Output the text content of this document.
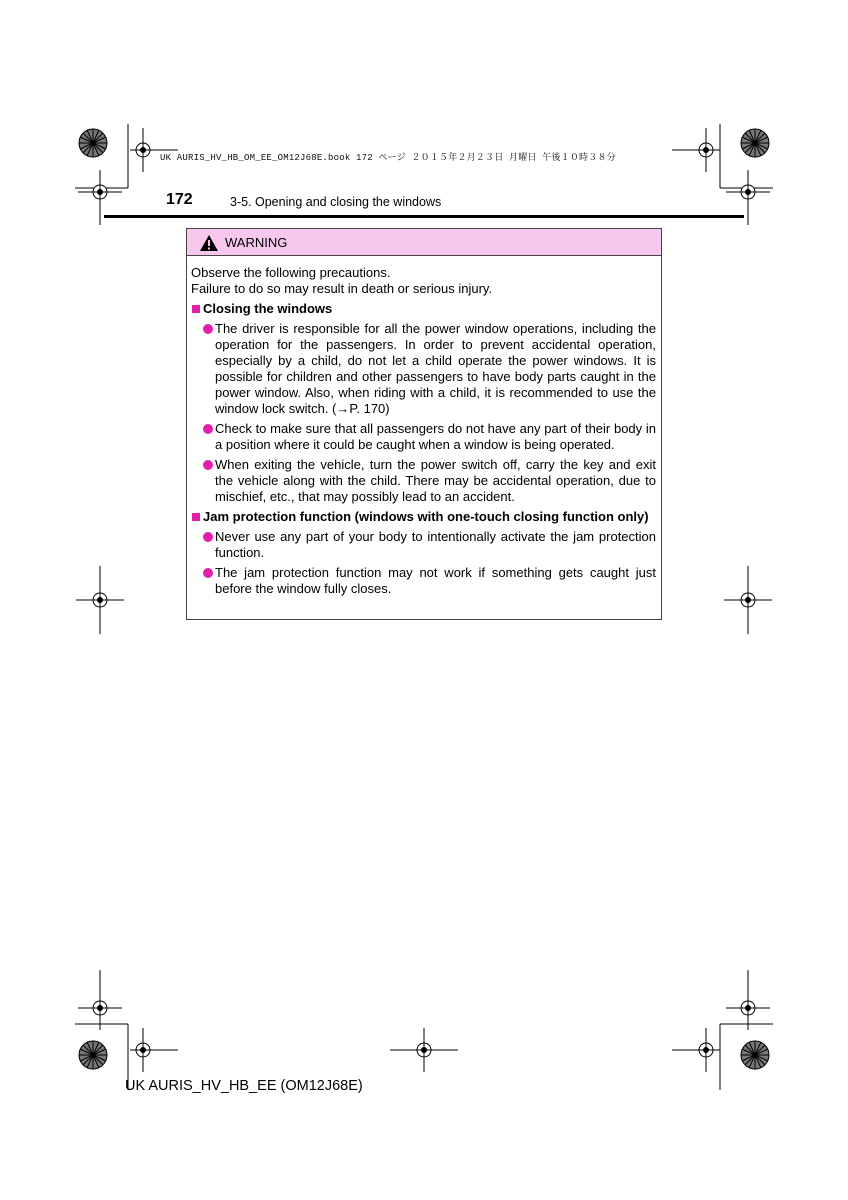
UK AURIS_HV_HB_OM_EE_OM12J68E.book 172 ページ ２０１５年２月２３日 月曜日 午後１０時３８分
172	3-5. Opening and closing the windows
WARNING

Observe the following precautions.

Failure to do so may result in death or serious injury.

Closing the windows
The driver is responsible for all the power window operations, including the operation for the passengers. In order to prevent accidental operation, especially by a child, do not let a child operate the power windows. It is possible for children and other passengers to have body parts caught in the power window. Also, when riding with a child, it is recommended to use the window lock switch. (→P. 170)
Check to make sure that all passengers do not have any part of their body in a position where it could be caught when a window is being operated.
When exiting the vehicle, turn the power switch off, carry the key and exit the vehicle along with the child. There may be accidental operation, due to mischief, etc., that may possibly lead to an accident.
Jam protection function (windows with one-touch closing function only)
Never use any part of your body to intentionally activate the jam protection function.
The jam protection function may not work if something gets caught just before the window fully closes.
UK AURIS_HV_HB_EE (OM12J68E)
